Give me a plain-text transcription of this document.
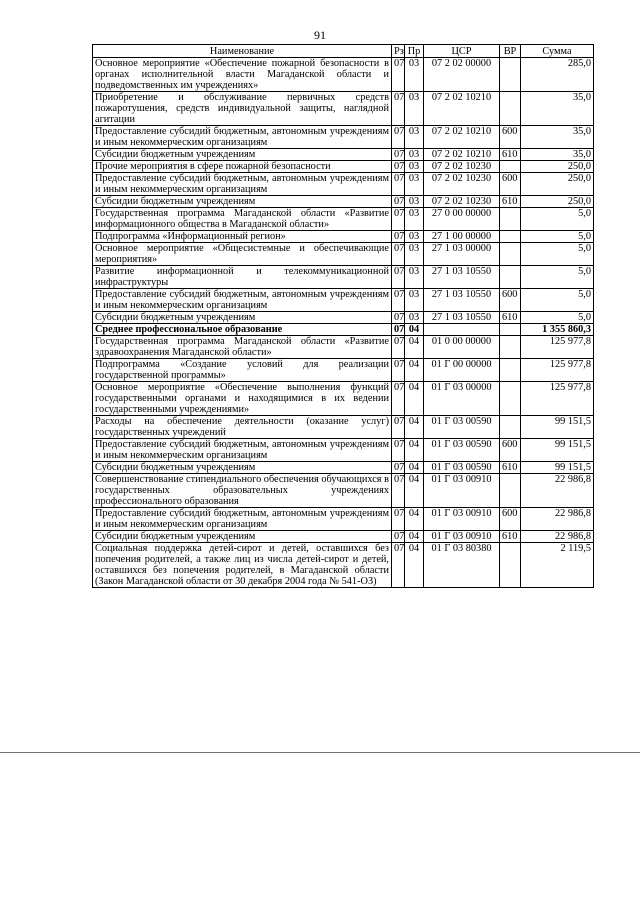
91
Наименование	Рз	Пр	ЦСР	ВР	Сумма
Основное мероприятие «Обеспечение пожарной безопасности в органах исполнительной власти Магаданской области и подведомственных им учреждениях»	07	03	07 2 02 00000		285,0
Приобретение и обслуживание первичных средств пожаротушения, средств индивидуальной защиты, наглядной агитации	07	03	07 2 02 10210		35,0
Предоставление субсидий бюджетным, автономным учреждениям и иным некоммерческим организациям	07	03	07 2 02 10210	600	35,0
Субсидии бюджетным учреждениям	07	03	07 2 02 10210	610	35,0
Прочие мероприятия в сфере пожарной безопасности	07	03	07 2 02 10230		250,0
Предоставление субсидий бюджетным, автономным учреждениям и иным некоммерческим организациям	07	03	07 2 02 10230	600	250,0
Субсидии бюджетным учреждениям	07	03	07 2 02 10230	610	250,0
Государственная программа Магаданской области «Развитие информационного общества в Магаданской области»	07	03	27 0 00 00000		5,0
Подпрограмма «Информационный регион»	07	03	27 1 00 00000		5,0
Основное мероприятие «Общесистемные и обеспечивающие мероприятия»	07	03	27 1 03 00000		5,0
Развитие информационной и телекоммуникационной инфраструктуры	07	03	27 1 03 10550		5,0
Предоставление субсидий бюджетным, автономным учреждениям и иным некоммерческим организациям	07	03	27 1 03 10550	600	5,0
Субсидии бюджетным учреждениям	07	03	27 1 03 10550	610	5,0
Среднее профессиональное образование	07	04			1 355 860,3
Государственная программа Магаданской области «Развитие здравоохранения Магаданской области»	07	04	01 0 00 00000		125 977,8
Подпрограмма «Создание условий для реализации государственной программы»	07	04	01 Г 00 00000		125 977,8
Основное мероприятие «Обеспечение выполнения функций государственными органами и находящимися в их ведении государственными учреждениями»	07	04	01 Г 03 00000		125 977,8
Расходы на обеспечение деятельности (оказание услуг) государственных учреждений	07	04	01 Г 03 00590		99 151,5
Предоставление субсидий бюджетным, автономным учреждениям и иным некоммерческим организациям	07	04	01 Г 03 00590	600	99 151,5
Субсидии бюджетным учреждениям	07	04	01 Г 03 00590	610	99 151,5
Совершенствование стипендиального обеспечения обучающихся в государственных образовательных учреждениях профессионального образования	07	04	01 Г 03 00910		22 986,8
Предоставление субсидий бюджетным, автономным учреждениям и иным некоммерческим организациям	07	04	01 Г 03 00910	600	22 986,8
Субсидии бюджетным учреждениям	07	04	01 Г 03 00910	610	22 986,8
Социальная поддержка детей-сирот и детей, оставшихся без попечения родителей, а также лиц из числа детей-сирот и детей, оставшихся без попечения родителей, в Магаданской области (Закон Магаданской области от 30 декабря 2004 года № 541-ОЗ)	07	04	01 Г 03 80380		2 119,5
